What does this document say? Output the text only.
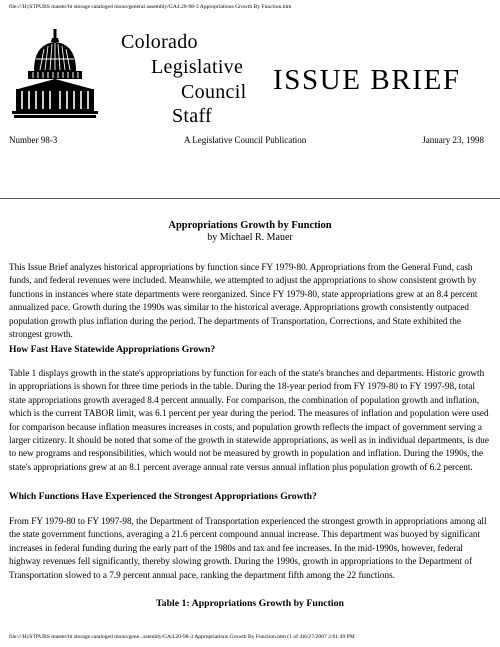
file:///H|/STPUBS master/lit storage cataloged mono/general assembly/GA4.20-98-3 Appropriations Growth By Function.htm
Colorado
Legislative
Council
Staff
ISSUE BRIEF
Number 98-3	A Legislative Council Publication	January 23, 1998
Appropriations Growth by Function
by Michael R. Mauer

This Issue Brief analyzes historical appropriations by function since FY 1979-80. Appropriations from the General Fund, cash funds, and federal revenues were included. Meanwhile, we attempted to adjust the appropriations to show consistent growth by functions in instances where state departments were reorganized. Since FY 1979-80, state appropriations grew at an 8.4 percent annualized pace. Growth during the 1990s was similar to the historical average. Appropriations growth consistently outpaced population growth plus inflation during the period. The departments of Transportation, Corrections, and State exhibited the strongest growth.

How Fast Have Statewide Appropriations Grown?

Table 1 displays growth in the state's appropriations by function for each of the state's branches and departments. Historic growth in appropriations is shown for three time periods in the table. During the 18-year period from FY 1979-80 to FY 1997-98, total state appropriations growth averaged 8.4 percent annually. For comparison, the combination of population growth and inflation, which is the current TABOR limit, was 6.1 percent per year during the period. The measures of inflation and population were used for comparison because inflation measures increases in costs, and population growth reflects the impact of government serving a larger citizenry. It should be noted that some of the growth in statewide appropriations, as well as in individual departments, is due to new programs and responsibilities, which would not be measured by growth in population and inflation. During the 1990s, the state's appropriations grew at an 8.1 percent average annual rate versus annual inflation plus population growth of 6.2 percent.

Which Functions Have Experienced the Strongest Appropriations Growth?

From FY 1979-80 to FY 1997-98, the Department of Transportation experienced the strongest growth in appropriations among all the state government functions, averaging a 21.6 percent compound annual increase. This department was buoyed by significant increases in federal funding during the early part of the 1980s and tax and fee increases. In the mid-1990s, however, federal highway revenues fell significantly, thereby slowing growth. During the 1990s, growth in appropriations to the Department of Transportation slowed to a 7.9 percent annual pace, ranking the department fifth among the 22 functions.

Table 1: Appropriations Growth by Function
file:///H|/STPUBS master/lit storage cataloged mono/gene...ssembly/GA4.20-98-3 Appropriations Growth By Function.htm (1 of 4)6/27/2007 2:01:49 PM
